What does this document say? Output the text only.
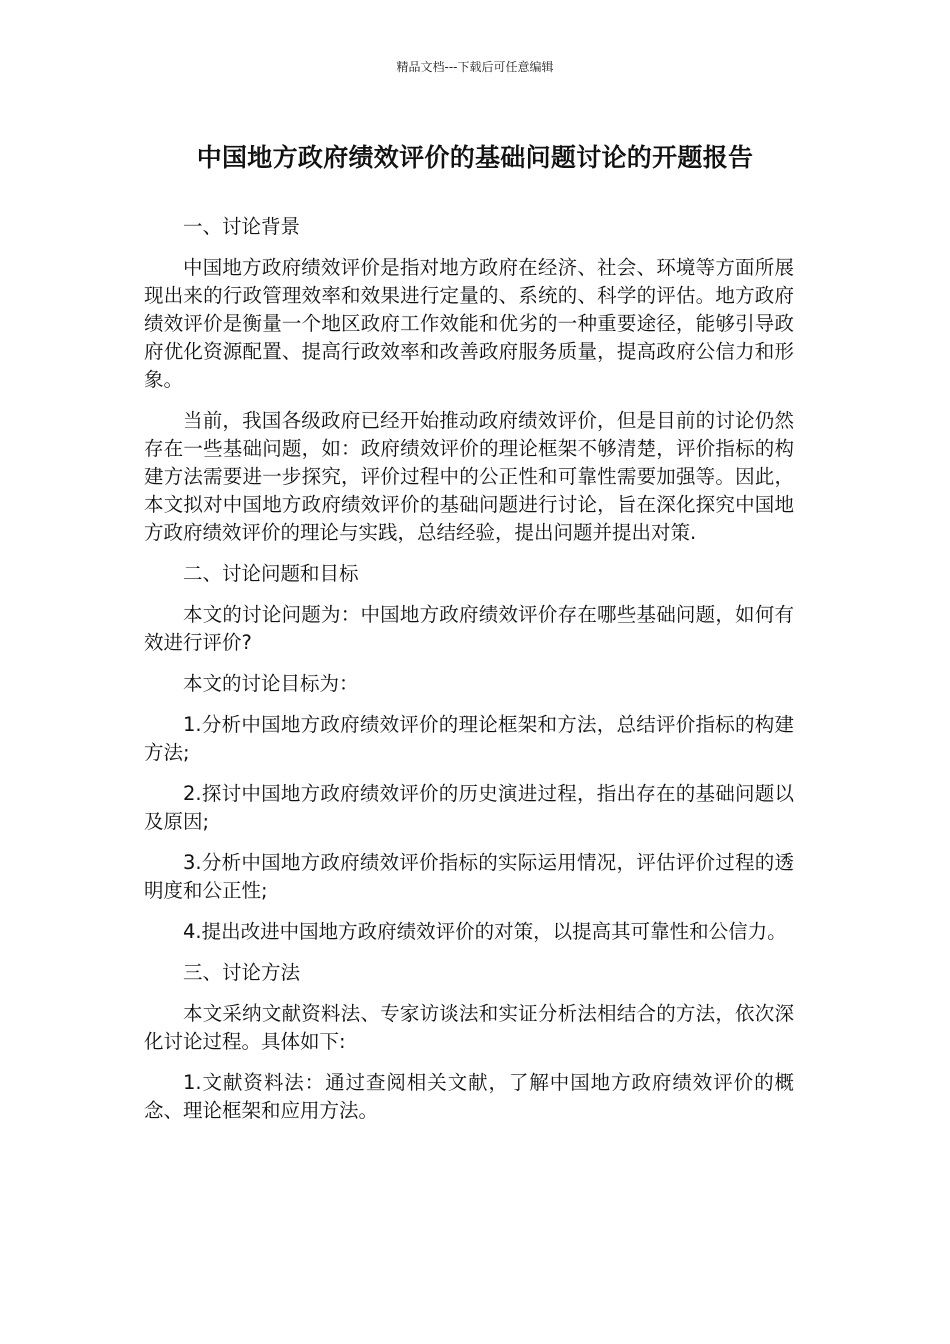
精品文档---下载后可任意编辑
中国地方政府绩效评价的基础问题讨论的开题报告

一、讨论背景

中国地方政府绩效评价是指对地方政府在经济、社会、环境等方面所展现出来的行政管理效率和效果进行定量的、系统的、科学的评估。地方政府绩效评价是衡量一个地区政府工作效能和优劣的一种重要途径，能够引导政府优化资源配置、提高行政效率和改善政府服务质量，提高政府公信力和形象。

当前，我国各级政府已经开始推动政府绩效评价，但是目前的讨论仍然存在一些基础问题，如：政府绩效评价的理论框架不够清楚，评价指标的构建方法需要进一步探究，评价过程中的公正性和可靠性需要加强等。因此，本文拟对中国地方政府绩效评价的基础问题进行讨论，旨在深化探究中国地方政府绩效评价的理论与实践，总结经验，提出问题并提出对策.

二、讨论问题和目标

本文的讨论问题为：中国地方政府绩效评价存在哪些基础问题，如何有效进行评价?

本文的讨论目标为：

1.分析中国地方政府绩效评价的理论框架和方法，总结评价指标的构建方法;

2.探讨中国地方政府绩效评价的历史演进过程，指出存在的基础问题以及原因;

3.分析中国地方政府绩效评价指标的实际运用情况，评估评价过程的透明度和公正性;

4.提出改进中国地方政府绩效评价的对策，以提高其可靠性和公信力。

三、讨论方法

本文采纳文献资料法、专家访谈法和实证分析法相结合的方法，依次深化讨论过程。具体如下:

1.文献资料法：通过查阅相关文献，了解中国地方政府绩效评价的概念、理论框架和应用方法。
